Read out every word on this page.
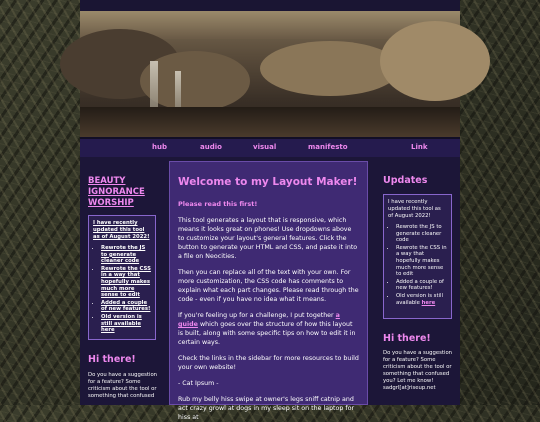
hub	audio	visual	manifesto	Link
BEAUTY IGNORANCE WORSHIP

I have recently updated this tool as of August 2022!

• Rewrote the JS to generate cleaner code
• Rewrote the CSS in a way that hopefully makes much more sense to edit
• Added a couple of new features!
• Old version is still available here

Hi there!

Do you have a suggestion for a feature? Some criticism about the tool or something that confused

Welcome to my Layout Maker!

Please read this first!

This tool generates a layout that is responsive, which means it looks great on phones! Use dropdowns above to customize your layout's general features. Click the button to generate your HTML and CSS, and paste it into a file on Neocities.

Then you can replace all of the text with your own. For more customization, the CSS code has comments to explain what each part changes. Please read through the code - even if you have no idea what it means.

If you're feeling up for a challenge, I put together a guide which goes over the structure of how this layout is built, along with some specific tips on how to edit it in certain ways.

Check the links in the sidebar for more resources to build your own website!

- Cat Ipsum -

Rub my belly hiss swipe at owner's legs sniff catnip and act crazy growl at dogs in my sleep sit on the laptop for hiss at

Updates

I have recently updated this tool as of August 2022!

• Rewrote the JS to generate cleaner code
• Rewrote the CSS in a way that hopefully makes much more sense to edit
• Added a couple of new features!
• Old version is still available here

Hi there!

Do you have a suggestion for a feature? Some criticism about the tool or something that confused you? Let me know! sadgrl[at]riseup.net
